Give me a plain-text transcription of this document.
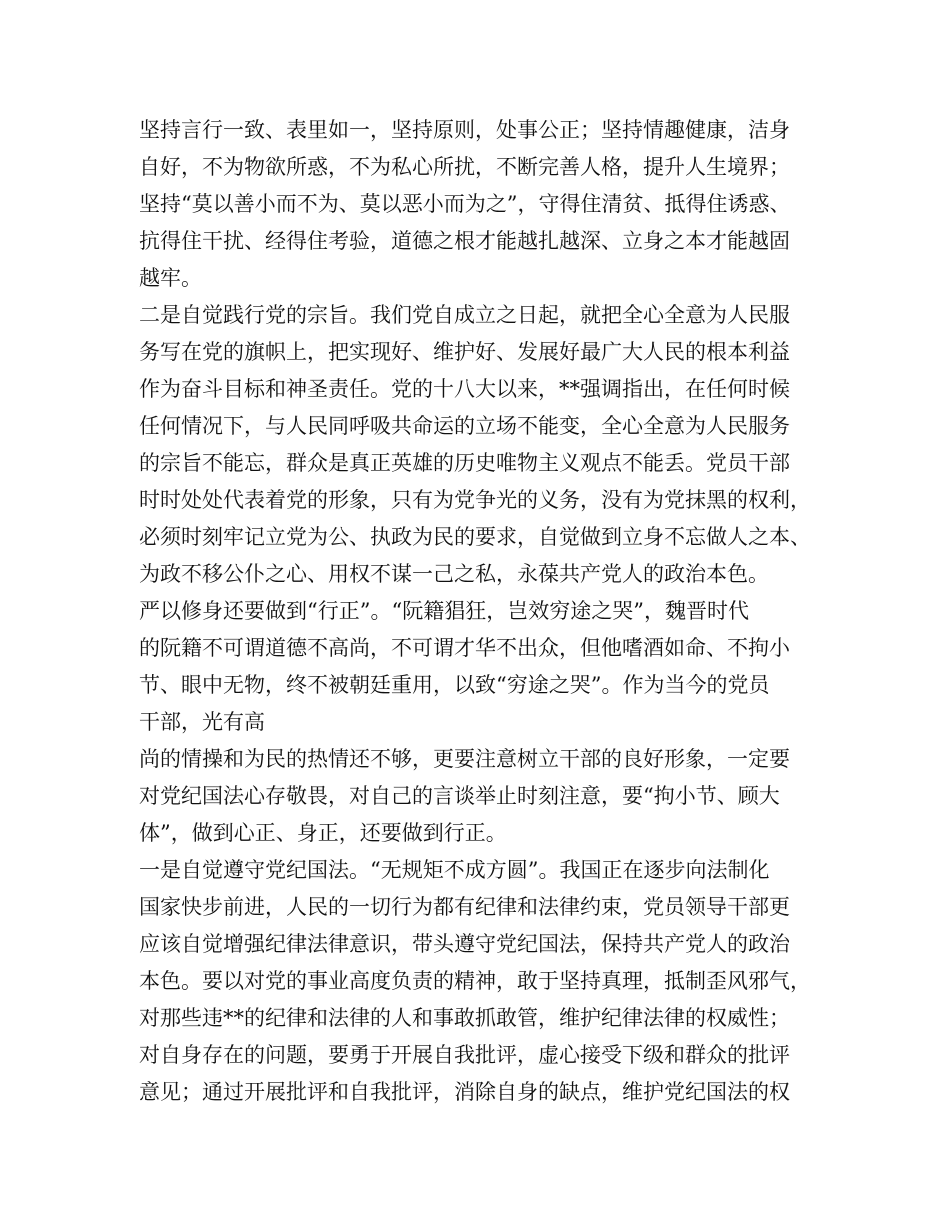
坚持言行一致、表里如一，坚持原则，处事公正；坚持情趣健康，洁身
自好，不为物欲所惑，不为私心所扰，不断完善人格，提升人生境界；
坚持“莫以善小而不为、莫以恶小而为之”，守得住清贫、抵得住诱惑、
抗得住干扰、经得住考验，道德之根才能越扎越深、立身之本才能越固
越牢。
二是自觉践行党的宗旨。我们党自成立之日起，就把全心全意为人民服
务写在党的旗帜上，把实现好、维护好、发展好最广大人民的根本利益
作为奋斗目标和神圣责任。党的十八大以来，**强调指出，在任何时候
任何情况下，与人民同呼吸共命运的立场不能变，全心全意为人民服务
的宗旨不能忘，群众是真正英雄的历史唯物主义观点不能丢。党员干部
时时处处代表着党的形象，只有为党争光的义务，没有为党抹黑的权利，
必须时刻牢记立党为公、执政为民的要求，自觉做到立身不忘做人之本、
为政不移公仆之心、用权不谋一己之私，永葆共产党人的政治本色。
严以修身还要做到“行正”。“阮籍猖狂，岂效穷途之哭”，魏晋时代
的阮籍不可谓道德不高尚，不可谓才华不出众，但他嗜酒如命、不拘小
节、眼中无物，终不被朝廷重用，以致“穷途之哭”。作为当今的党员
干部，光有高
尚的情操和为民的热情还不够，更要注意树立干部的良好形象，一定要
对党纪国法心存敬畏，对自己的言谈举止时刻注意，要“拘小节、顾大
体”，做到心正、身正，还要做到行正。
一是自觉遵守党纪国法。“无规矩不成方圆”。我国正在逐步向法制化
国家快步前进，人民的一切行为都有纪律和法律约束，党员领导干部更
应该自觉增强纪律法律意识，带头遵守党纪国法，保持共产党人的政治
本色。要以对党的事业高度负责的精神，敢于坚持真理，抵制歪风邪气，
对那些违**的纪律和法律的人和事敢抓敢管，维护纪律法律的权威性；
对自身存在的问题，要勇于开展自我批评，虚心接受下级和群众的批评
意见；通过开展批评和自我批评，消除自身的缺点，维护党纪国法的权
